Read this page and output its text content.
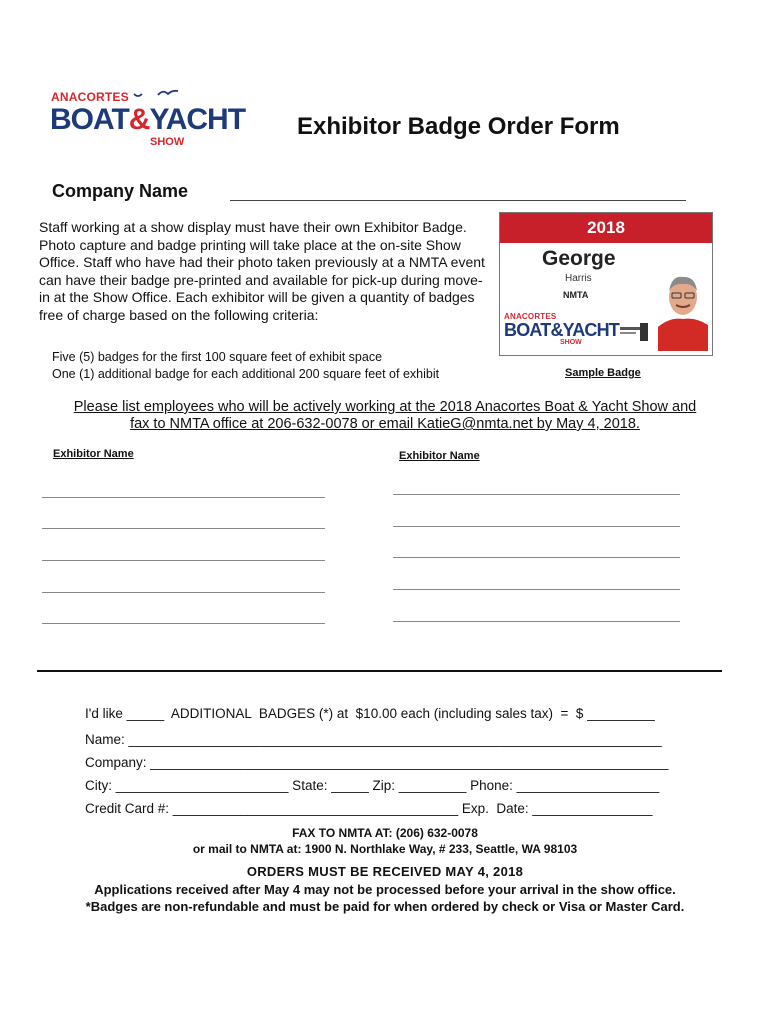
ANACORTES
BOAT&YACHT
SHOW
Exhibitor Badge Order Form
Company Name
Staff working at a show display must have their own Exhibitor Badge. Photo capture and badge printing will take place at the on-site Show Office. Staff who have had their photo taken previously at a NMTA event can have their badge pre-printed and available for pick-up during move-in at the Show Office. Each exhibitor will be given a quantity of badges free of charge based on the following criteria:
Five (5) badges for the first 100 square feet of exhibit space
One (1) additional badge for each additional 200 square feet of exhibit
2018
George
Harris
NMTA
ANACORTES
BOAT&YACHT
SHOW
Sample Badge
Please list employees who will be actively working at the 2018 Anacortes Boat & Yacht Show and
fax to NMTA office at 206-632-0078 or email KatieG@nmta.net by May 4, 2018.
Exhibitor Name	Exhibitor Name
I'd like _____  ADDITIONAL  BADGES (*) at  $10.00 each (including sales tax)  =  $ _________
Name: _______________________________________________________________________
Company: _____________________________________________________________________
City: _______________________ State: _____ Zip: _________ Phone: ___________________
Credit Card #: ______________________________________ Exp.  Date: ________________
FAX TO NMTA AT: (206) 632-0078
or mail to NMTA at: 1900 N. Northlake Way, # 233, Seattle, WA 98103
ORDERS MUST BE RECEIVED MAY 4, 2018
Applications received after May 4 may not be processed before your arrival in the show office.
*Badges are non-refundable and must be paid for when ordered by check or Visa or Master Card.
